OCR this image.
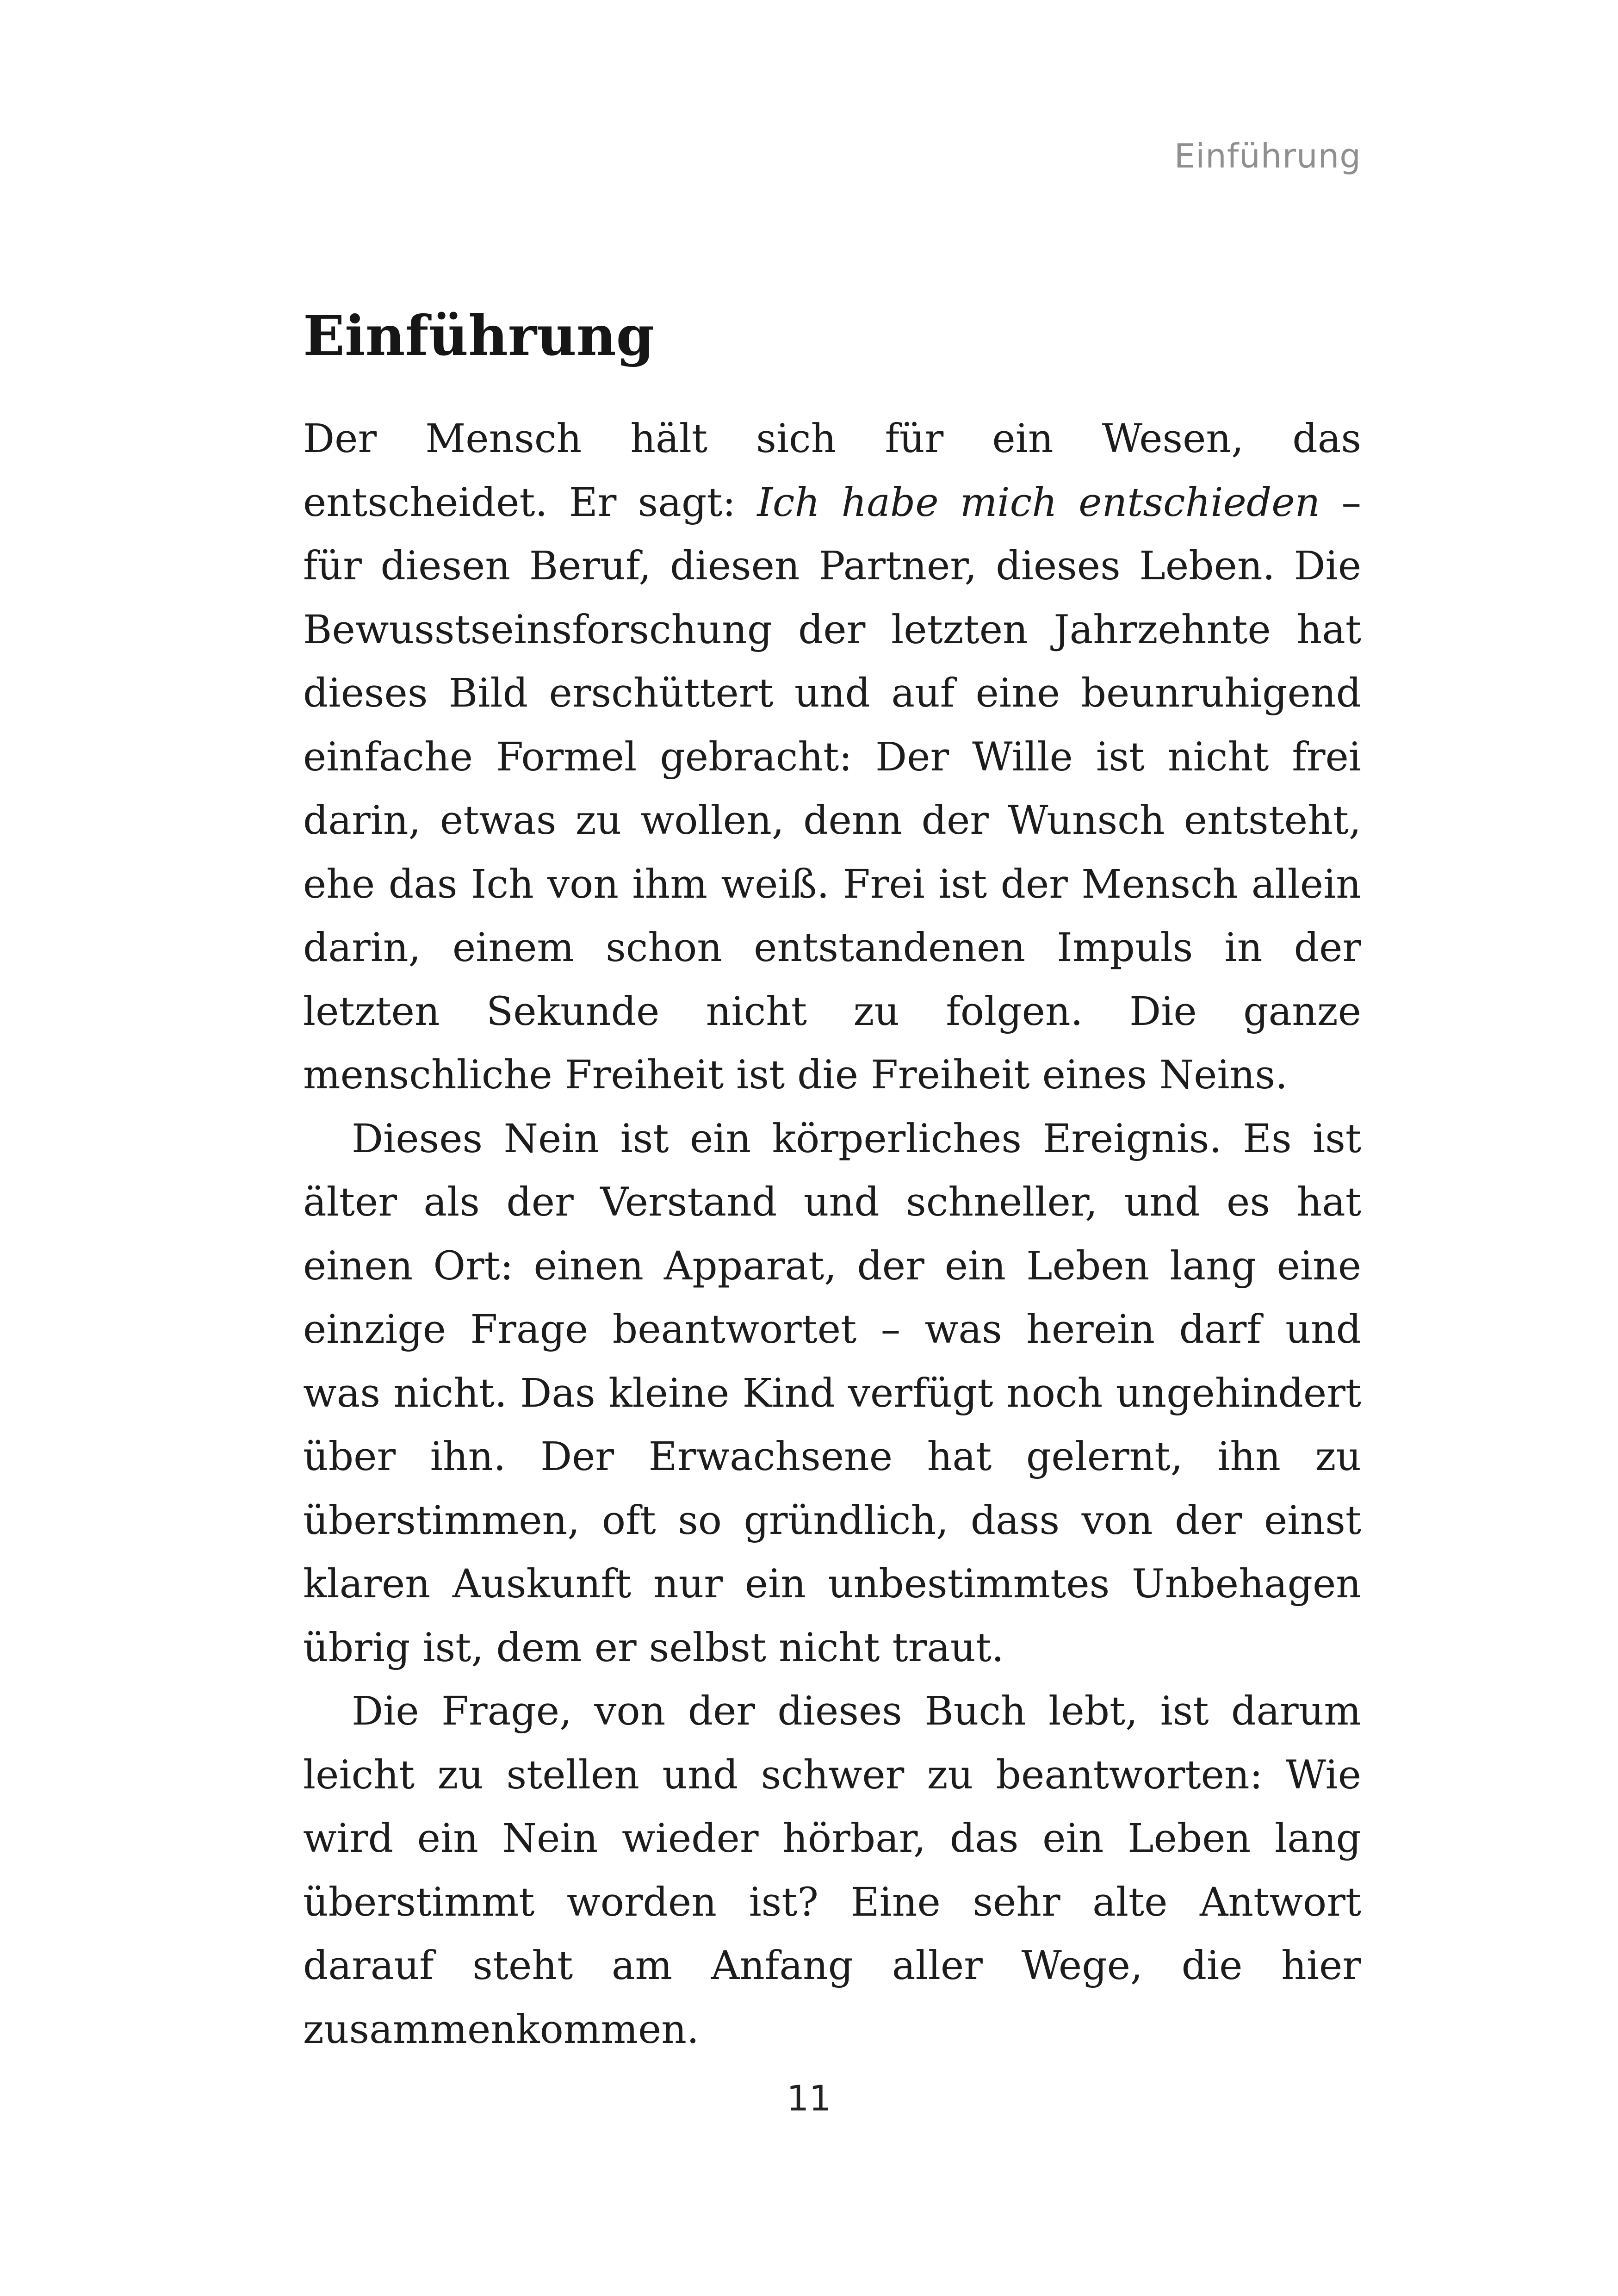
Einführung
Einführung

Der Mensch hält sich für ein Wesen, das entscheidet. Er sagt: Ich habe mich entschieden – für diesen Beruf, diesen Partner, dieses Leben. Die Bewusstseinsforschung der letzten Jahrzehnte hat dieses Bild erschüttert und auf eine beunruhigend einfache Formel gebracht: Der Wille ist nicht frei darin, etwas zu wollen, denn der Wunsch entsteht, ehe das Ich von ihm weiß. Frei ist der Mensch allein darin, einem schon entstandenen Impuls in der letzten Sekunde nicht zu folgen. Die ganze menschliche Freiheit ist die Freiheit eines Neins.

Dieses Nein ist ein körperliches Ereignis. Es ist älter als der Verstand und schneller, und es hat einen Ort: einen Apparat, der ein Leben lang eine einzige Frage beantwortet – was herein darf und was nicht. Das kleine Kind verfügt noch ungehindert über ihn. Der Erwachsene hat gelernt, ihn zu überstimmen, oft so gründlich, dass von der einst klaren Auskunft nur ein unbestimmtes Unbehagen übrig ist, dem er selbst nicht traut.

Die Frage, von der dieses Buch lebt, ist darum leicht zu stellen und schwer zu beantworten: Wie wird ein Nein wieder hörbar, das ein Leben lang überstimmt worden ist? Eine sehr alte Antwort darauf steht am Anfang aller Wege, die hier zusammenkommen.

11
